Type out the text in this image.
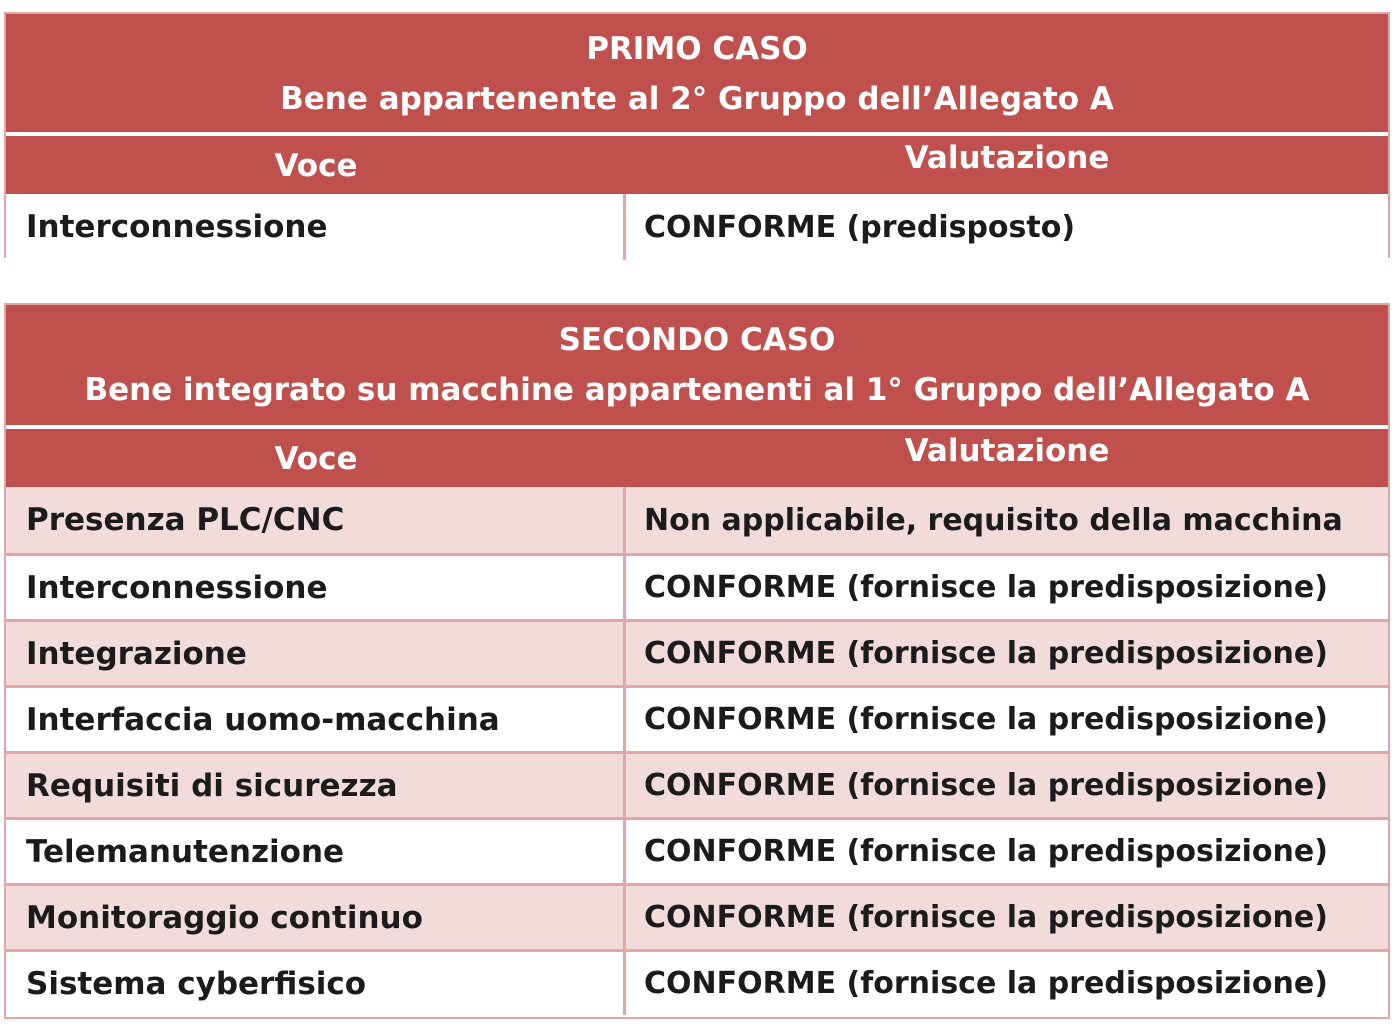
PRIMO CASO
Bene appartenente al 2° Gruppo dell’Allegato A
Voce	Valutazione
Interconnessione	CONFORME (predisposto)
SECONDO CASO
Bene integrato su macchine appartenenti al 1° Gruppo dell’Allegato A
Voce	Valutazione
Presenza PLC/CNC	Non applicabile, requisito della macchina
Interconnessione	CONFORME (fornisce la predisposizione)
Integrazione	CONFORME (fornisce la predisposizione)
Interfaccia uomo-macchina	CONFORME (fornisce la predisposizione)
Requisiti di sicurezza	CONFORME (fornisce la predisposizione)
Telemanutenzione	CONFORME (fornisce la predisposizione)
Monitoraggio continuo	CONFORME (fornisce la predisposizione)
Sistema cyberfisico	CONFORME (fornisce la predisposizione)
